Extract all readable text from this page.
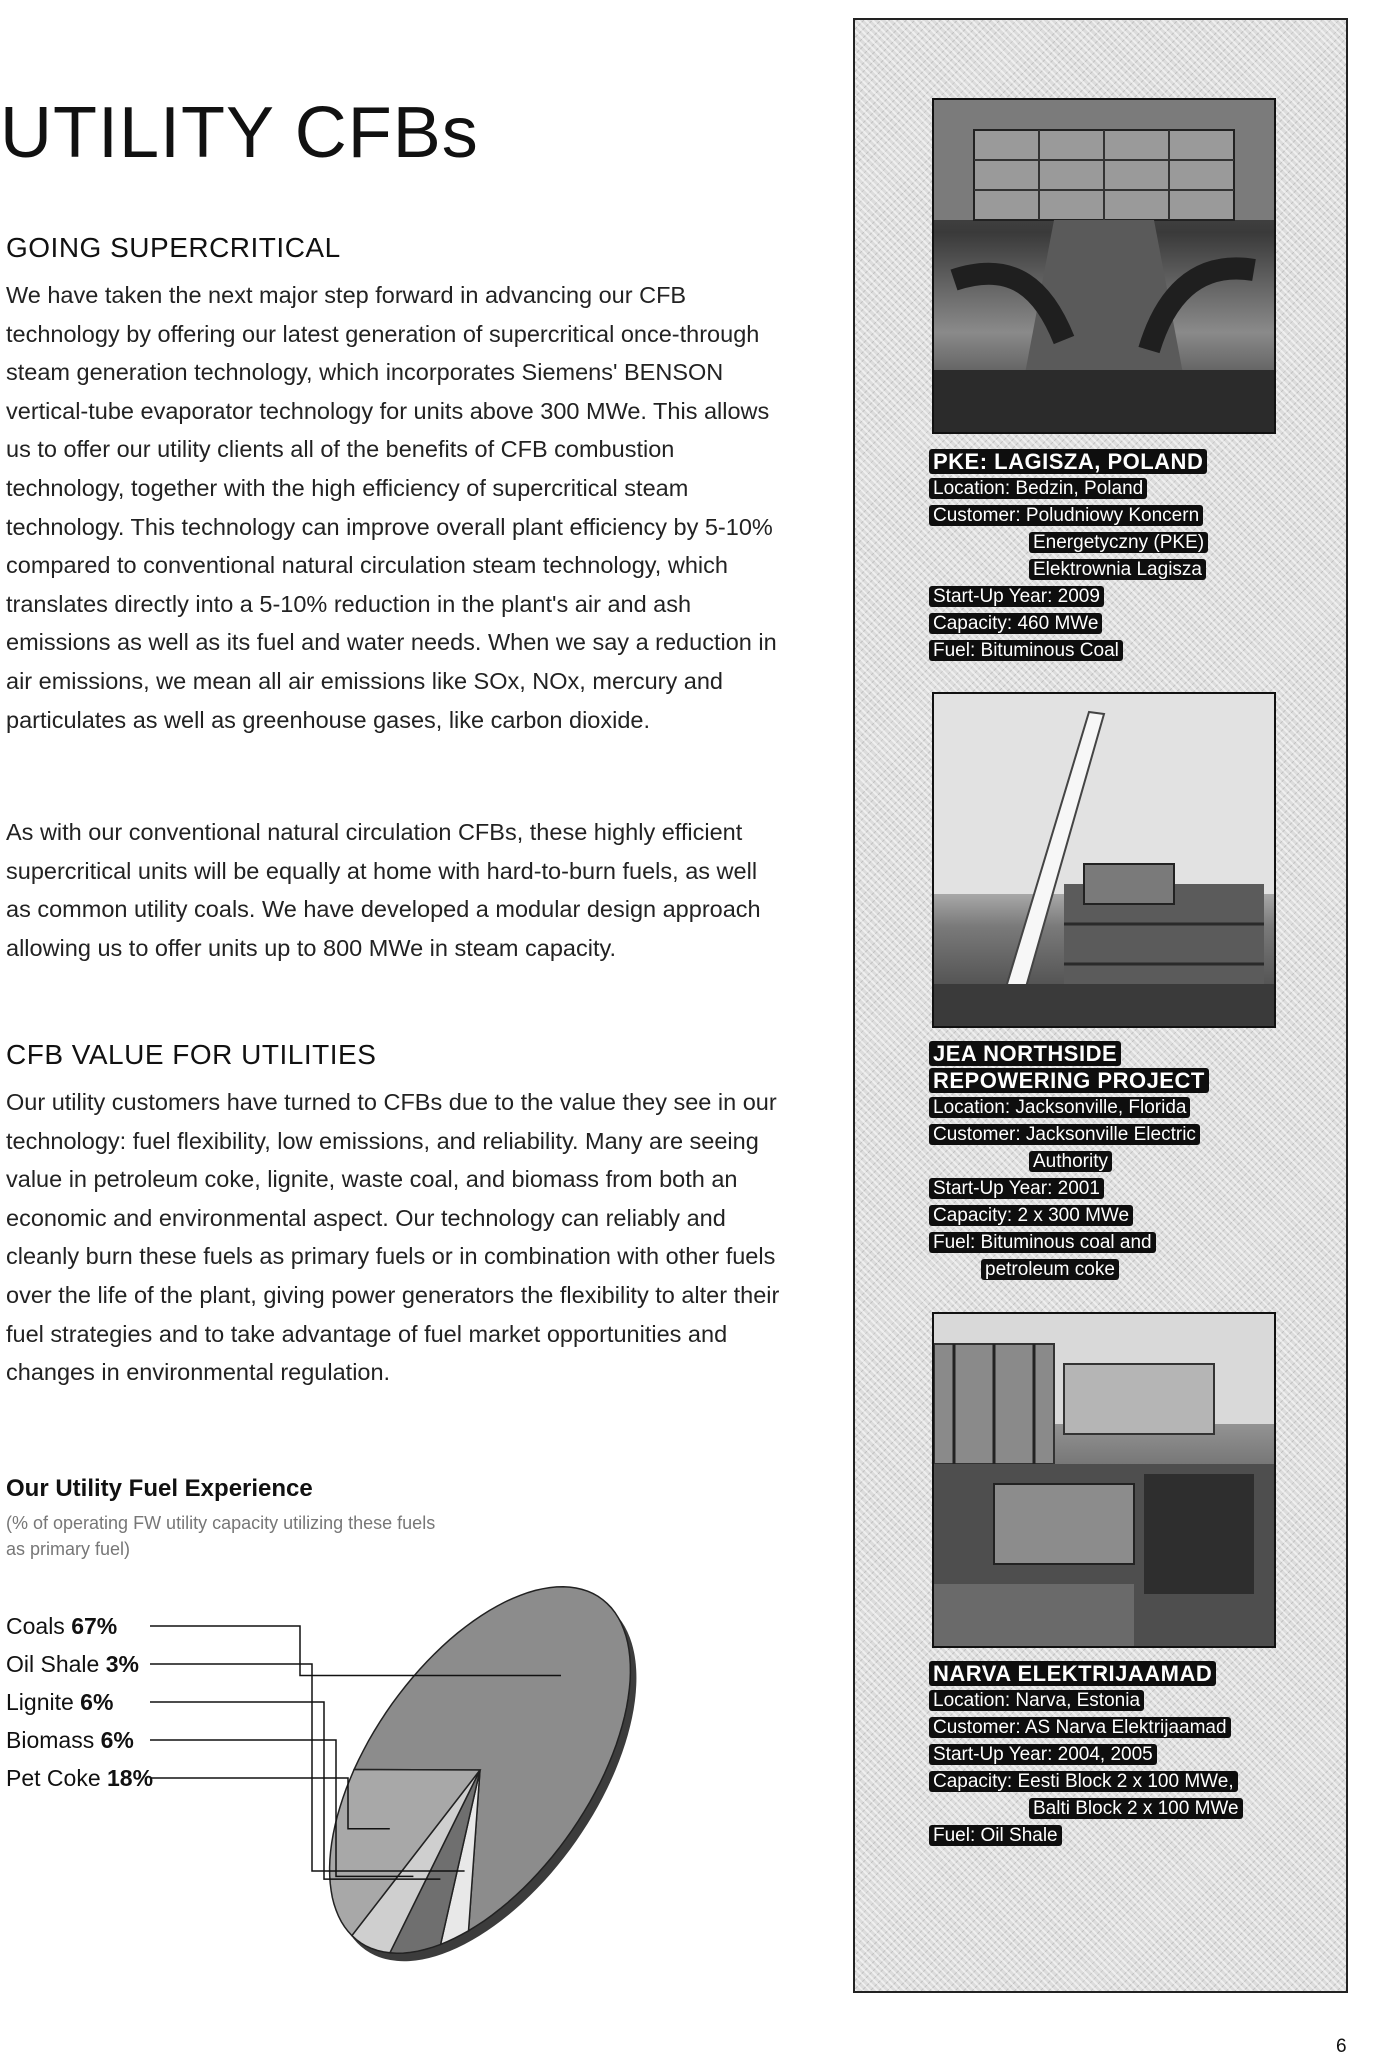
UTILITY CFBs
GOING SUPERCRITICAL

We have taken the next major step forward in advancing our CFB technology by offering our latest generation of supercritical once-through steam generation technology, which incorporates Siemens' BENSON vertical-tube evaporator technology for units above 300 MWe. This allows us to offer our utility clients all of the benefits of CFB combustion technology, together with the high efficiency of supercritical steam technology. This technology can improve overall plant efficiency by 5-10% compared to conventional natural circulation steam technology, which translates directly into a 5-10% reduction in the plant's air and ash emissions as well as its fuel and water needs. When we say a reduction in air emissions, we mean all air emissions like SOx, NOx, mercury and particulates as well as greenhouse gases, like carbon dioxide.

As with our conventional natural circulation CFBs, these highly efficient supercritical units will be equally at home with hard-to-burn fuels, as well as common utility coals. We have developed a modular design approach allowing us to offer units up to 800 MWe in steam capacity.

CFB VALUE FOR UTILITIES

Our utility customers have turned to CFBs due to the value they see in our technology: fuel flexibility, low emissions, and reliability. Many are seeing value in petroleum coke, lignite, waste coal, and biomass from both an economic and environmental aspect. Our technology can reliably and cleanly burn these fuels as primary fuels or in combination with other fuels over the life of the plant, giving power generators the flexibility to alter their fuel strategies and to take advantage of fuel market opportunities and changes in environmental regulation.

Our Utility Fuel Experience

(% of operating FW utility capacity utilizing these fuels as primary fuel)

Coals 67%
Oil Shale 3%
Lignite 6%
Biomass 6%
Pet Coke 18%
PKE: LAGISZA, POLAND
Location: Bedzin, Poland
Customer: Poludniowy Koncern
Energetyczny (PKE)
Elektrownia Lagisza
Start-Up Year: 2009
Capacity: 460 MWe
Fuel: Bituminous Coal
JEA NORTHSIDE
REPOWERING PROJECT
Location: Jacksonville, Florida
Customer: Jacksonville Electric
Authority
Start-Up Year: 2001
Capacity: 2 x 300 MWe
Fuel: Bituminous coal and
petroleum coke
NARVA ELEKTRIJAAMAD
Location: Narva, Estonia
Customer: AS Narva Elektrijaamad
Start-Up Year: 2004, 2005
Capacity: Eesti Block 2 x 100 MWe,
Balti Block 2 x 100 MWe
Fuel: Oil Shale

6
